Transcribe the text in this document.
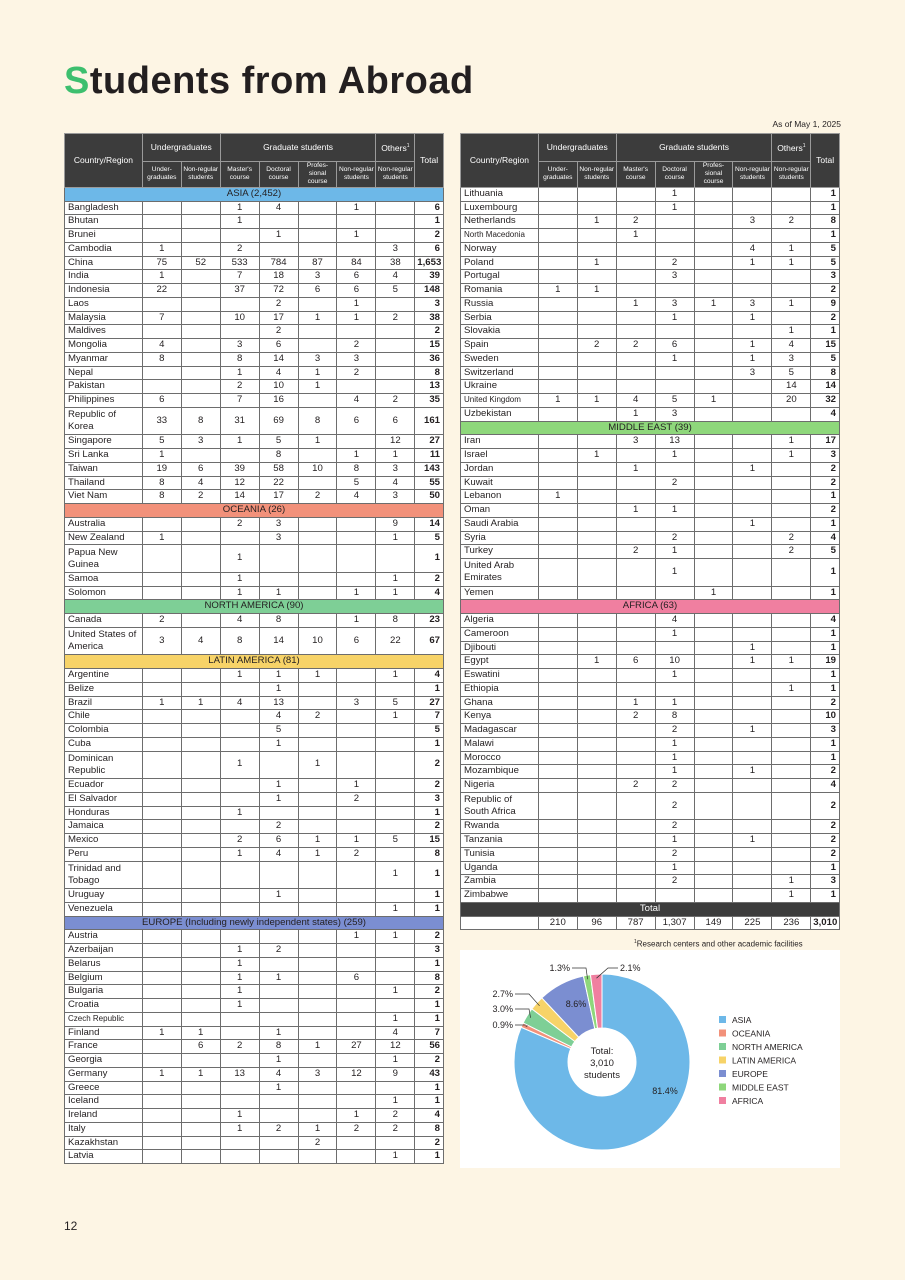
Students from Abroad
As of May 1, 2025
Country/Region	Undergraduates		Graduate students				Others$^1$	Total
	Under-graduates	Non-regular students	Master's course	Doctoral course	Profes-sional course	Non-regular students	Non-regular students	
ASIA (2,452)								
Bangladesh			1	4		1		6
Bhutan			1					1
Brunei				1		1		2
Cambodia	1		2				3	6
China	75	52	533	784	87	84	38	1,653
India	1		7	18	3	6	4	39
Indonesia	22		37	72	6	6	5	148
Laos				2		1		3
Malaysia	7		10	17	1	1	2	38
Maldives				2				2
Mongolia	4		3	6		2		15
Myanmar	8		8	14	3	3		36
Nepal			1	4	1	2		8
Pakistan			2	10	1			13
Philippines	6		7	16		4	2	35
Republic of Korea	33	8	31	69	8	6	6	161
Singapore	5	3	1	5	1		12	27
Sri Lanka	1			8		1	1	11
Taiwan	19	6	39	58	10	8	3	143
Thailand	8	4	12	22		5	4	55
Viet Nam	8	2	14	17	2	4	3	50
OCEANIA (26)								
Australia			2	3			9	14
New Zealand	1			3			1	5
Papua New Guinea			1					1
Samoa			1				1	2
Solomon			1	1		1	1	4
NORTH AMERICA (90)								
Canada	2		4	8		1	8	23
United States of America	3	4	8	14	10	6	22	67
LATIN AMERICA (81)								
Argentine			1	1	1		1	4
Belize				1				1
Brazil	1	1	4	13		3	5	27
Chile				4	2		1	7
Colombia				5				5
Cuba				1				1
Dominican Republic			1		1			2
Ecuador				1		1		2
El Salvador				1		2		3
Honduras			1					1
Jamaica				2				2
Mexico			2	6	1	1	5	15
Peru			1	4	1	2		8
Trinidad and Tobago							1	1
Uruguay				1				1
Venezuela							1	1
EUROPE (Including newly independent states) (259)								
Austria						1	1	2
Azerbaijan			1	2				3
Belarus			1					1
Belgium			1	1		6		8
Bulgaria			1				1	2
Croatia			1					1
Czech Republic							1	1
Finland	1	1		1			4	7
France		6	2	8	1	27	12	56
Georgia				1			1	2
Germany	1	1	13	4	3	12	9	43
Greece				1				1
Iceland							1	1
Ireland			1			1	2	4
Italy			1	2	1	2	2	8
Kazakhstan					2			2
Latvia							1	1
Country/Region	Undergraduates		Graduate students				Others$^1$	Total
	Under-graduates	Non-regular students	Master's course	Doctoral course	Profes-sional course	Non-regular students	Non-regular students	
Lithuania				1				1
Luxembourg				1				1
Netherlands		1	2			3	2	8
North Macedonia			1					1
Norway						4	1	5
Poland		1		2		1	1	5
Portugal				3				3
Romania	1	1						2
Russia			1	3	1	3	1	9
Serbia				1		1		2
Slovakia							1	1
Spain		2	2	6		1	4	15
Sweden				1		1	3	5
Switzerland						3	5	8
Ukraine							14	14
United Kingdom	1	1	4	5	1		20	32
Uzbekistan			1	3				4
MIDDLE EAST (39)								
Iran			3	13			1	17
Israel		1		1			1	3
Jordan			1			1		2
Kuwait				2				2
Lebanon	1							1
Oman			1	1				2
Saudi Arabia						1		1
Syria				2			2	4
Turkey			2	1			2	5
United Arab Emirates				1				1
Yemen					1			1
AFRICA (63)								
Algeria				4				4
Cameroon				1				1
Djibouti						1		1
Egypt		1	6	10		1	1	19
Eswatini				1				1
Ethiopia							1	1
Ghana			1	1				2
Kenya			2	8				10
Madagascar				2		1		3
Malawi				1				1
Morocco				1				1
Mozambique				1		1		2
Nigeria			2	2				4
Republic of South Africa				2				2
Rwanda				2				2
Tanzania				1		1		2
Tunisia				2				2
Uganda				1				1
Zambia				2			1	3
Zimbabwe							1	1
Total								
	210	96	787	1,307	149	225	236	3,010
$^1$Research centers and other academic facilities
81.4%
0.9%
3.0%
2.7%
8.6%
1.3%	2.1%
Total:
3,010
students
ASIA
OCEANIA
NORTH AMERICA
LATIN AMERICA
EUROPE
MIDDLE EAST
AFRICA
12
